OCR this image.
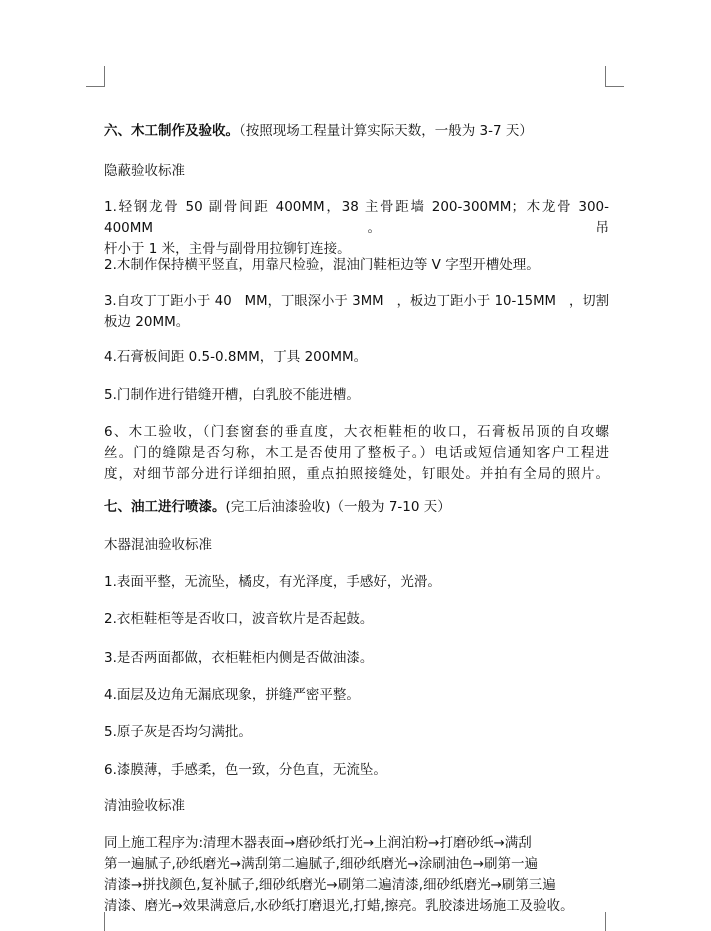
六、木工制作及验收。（按照现场工程量计算实际天数，一般为 3-7 天）
隐蔽验收标准
1.轻钢龙骨 50 副骨间距 400MM，38 主骨距墙 200-300MM；木龙骨 300-400MM。吊
杆小于 1 米，主骨与副骨用拉铆钉连接。
2.木制作保持横平竖直，用靠尺检验，混油门鞋柜边等 V 字型开槽处理。
3.自攻丁丁距小于 40   MM，丁眼深小于 3MM   ，板边丁距小于 10-15MM   ，切割
板边 20MM。
4.石膏板间距 0.5-0.8MM，丁具 200MM。
5.门制作进行错缝开槽，白乳胶不能进槽。
6、木工验收，（门套窗套的垂直度，大衣柜鞋柜的收口，石膏板吊顶的自攻螺
丝。门的缝隙是否匀称，木工是否使用了整板子。）电话或短信通知客户工程进
度，对细节部分进行详细拍照，重点拍照接缝处，钉眼处。并拍有全局的照片。
七、油工进行喷漆。(完工后油漆验收)（一般为 7-10 天）
木器混油验收标准
1.表面平整，无流坠，橘皮，有光泽度，手感好，光滑。
2.衣柜鞋柜等是否收口，波音软片是否起鼓。
3.是否两面都做，衣柜鞋柜内侧是否做油漆。
4.面层及边角无漏底现象，拼缝严密平整。
5.原子灰是否均匀满批。
6.漆膜薄，手感柔，色一致，分色直，无流坠。
清油验收标准
同上施工程序为:清理木器表面→磨砂纸打光→上润泊粉→打磨砂纸→满刮
第一遍腻子,砂纸磨光→满刮第二遍腻子,细砂纸磨光→涂刷油色→刷第一遍
清漆→拼找颜色,复补腻子,细砂纸磨光→刷第二遍清漆,细砂纸磨光→刷第三遍
清漆、磨光→效果满意后,水砂纸打磨退光,打蜡,擦亮。乳胶漆进场施工及验收。
